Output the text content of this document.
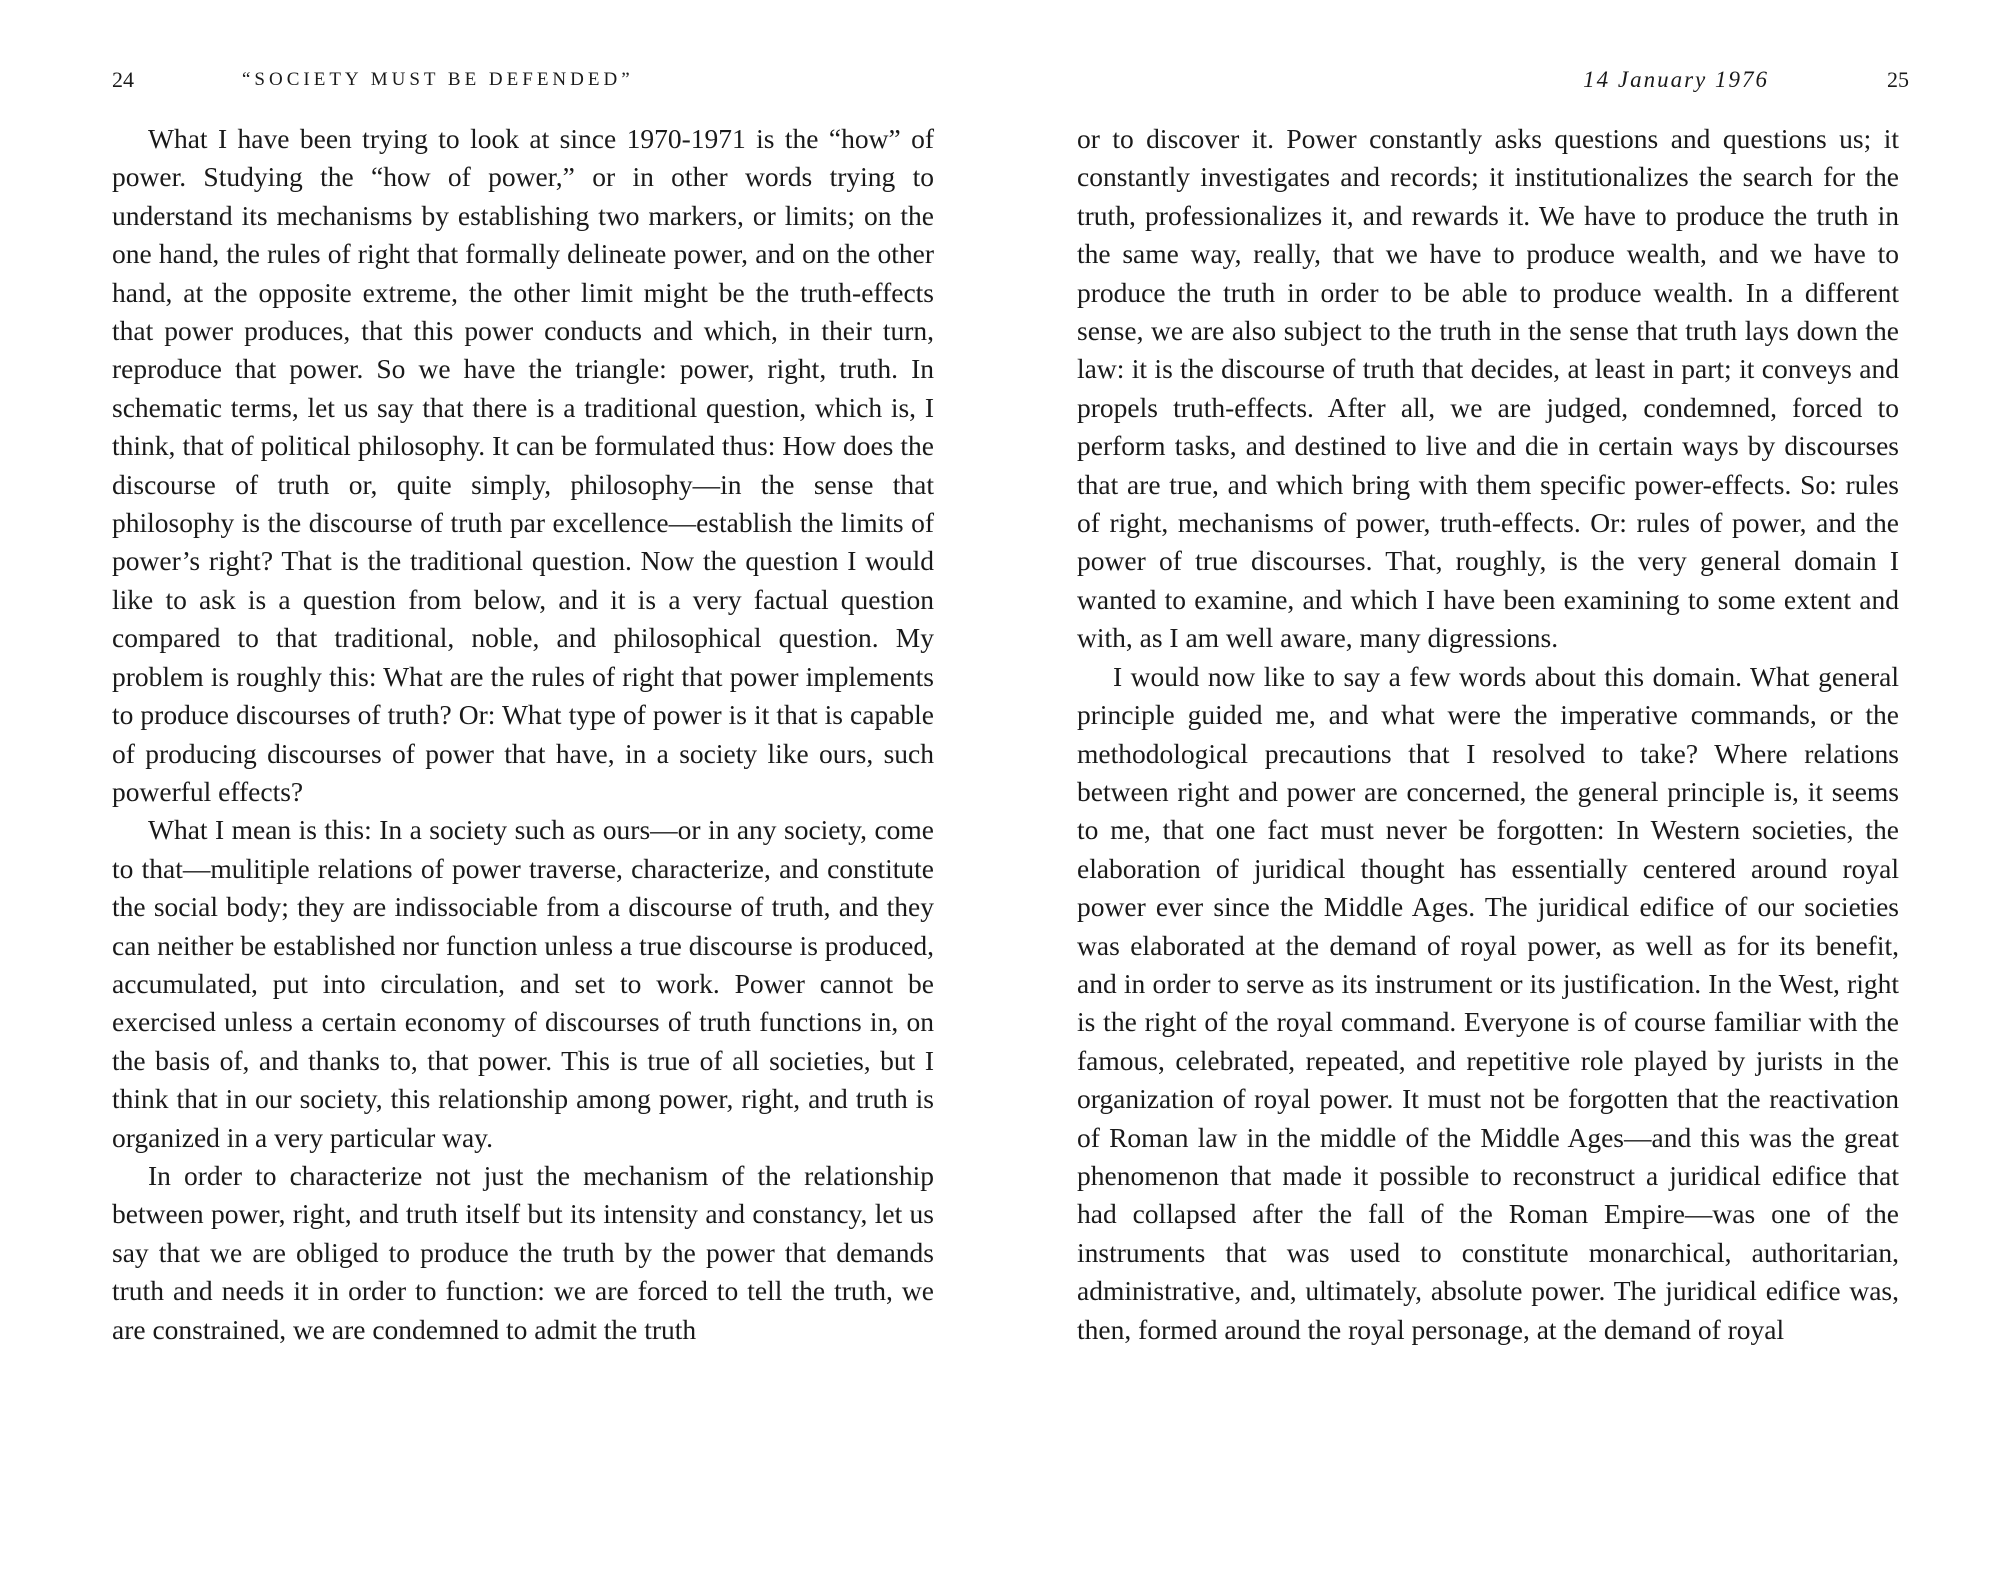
24	“SOCIETY MUST BE DEFENDED”

What I have been trying to look at since 1970-1971 is the “how” of power. Studying the “how of power,” or in other words trying to understand its mechanisms by establishing two markers, or limits; on the one hand, the rules of right that formally delineate power, and on the other hand, at the opposite extreme, the other limit might be the truth-effects that power produces, that this power conducts and which, in their turn, reproduce that power. So we have the triangle: power, right, truth. In schematic terms, let us say that there is a traditional question, which is, I think, that of political philosophy. It can be formulated thus: How does the discourse of truth or, quite simply, philosophy—in the sense that philosophy is the discourse of truth par excellence—establish the limits of power’s right? That is the traditional question. Now the question I would like to ask is a question from below, and it is a very factual question compared to that traditional, noble, and philosophical question. My problem is roughly this: What are the rules of right that power implements to produce discourses of truth? Or: What type of power is it that is capable of producing discourses of power that have, in a society like ours, such powerful effects?

What I mean is this: In a society such as ours—or in any society, come to that—mulitiple relations of power traverse, characterize, and constitute the social body; they are indissociable from a discourse of truth, and they can neither be established nor function unless a true discourse is produced, accumulated, put into circulation, and set to work. Power cannot be exercised unless a certain economy of discourses of truth functions in, on the basis of, and thanks to, that power. This is true of all societies, but I think that in our society, this relationship among power, right, and truth is organized in a very particular way.

In order to characterize not just the mechanism of the relationship between power, right, and truth itself but its intensity and constancy, let us say that we are obliged to produce the truth by the power that demands truth and needs it in order to function: we are forced to tell the truth, we are constrained, we are condemned to admit the truth

14 January 1976	25

or to discover it. Power constantly asks questions and questions us; it constantly investigates and records; it institutionalizes the search for the truth, professionalizes it, and rewards it. We have to produce the truth in the same way, really, that we have to produce wealth, and we have to produce the truth in order to be able to produce wealth. In a different sense, we are also subject to the truth in the sense that truth lays down the law: it is the discourse of truth that decides, at least in part; it conveys and propels truth-effects. After all, we are judged, condemned, forced to perform tasks, and destined to live and die in certain ways by discourses that are true, and which bring with them specific power-effects. So: rules of right, mechanisms of power, truth-effects. Or: rules of power, and the power of true discourses. That, roughly, is the very general domain I wanted to examine, and which I have been examining to some extent and with, as I am well aware, many digressions.

I would now like to say a few words about this domain. What general principle guided me, and what were the imperative commands, or the methodological precautions that I resolved to take? Where relations between right and power are concerned, the general principle is, it seems to me, that one fact must never be forgotten: In Western societies, the elaboration of juridical thought has essentially centered around royal power ever since the Middle Ages. The juridical edifice of our societies was elaborated at the demand of royal power, as well as for its benefit, and in order to serve as its instrument or its justification. In the West, right is the right of the royal command. Everyone is of course familiar with the famous, celebrated, repeated, and repetitive role played by jurists in the organization of royal power. It must not be forgotten that the reactivation of Roman law in the middle of the Middle Ages—and this was the great phenomenon that made it possible to reconstruct a juridical edifice that had collapsed after the fall of the Roman Empire—was one of the instruments that was used to constitute monarchical, authoritarian, administrative, and, ultimately, absolute power. The juridical edifice was, then, formed around the royal personage, at the demand of royal
